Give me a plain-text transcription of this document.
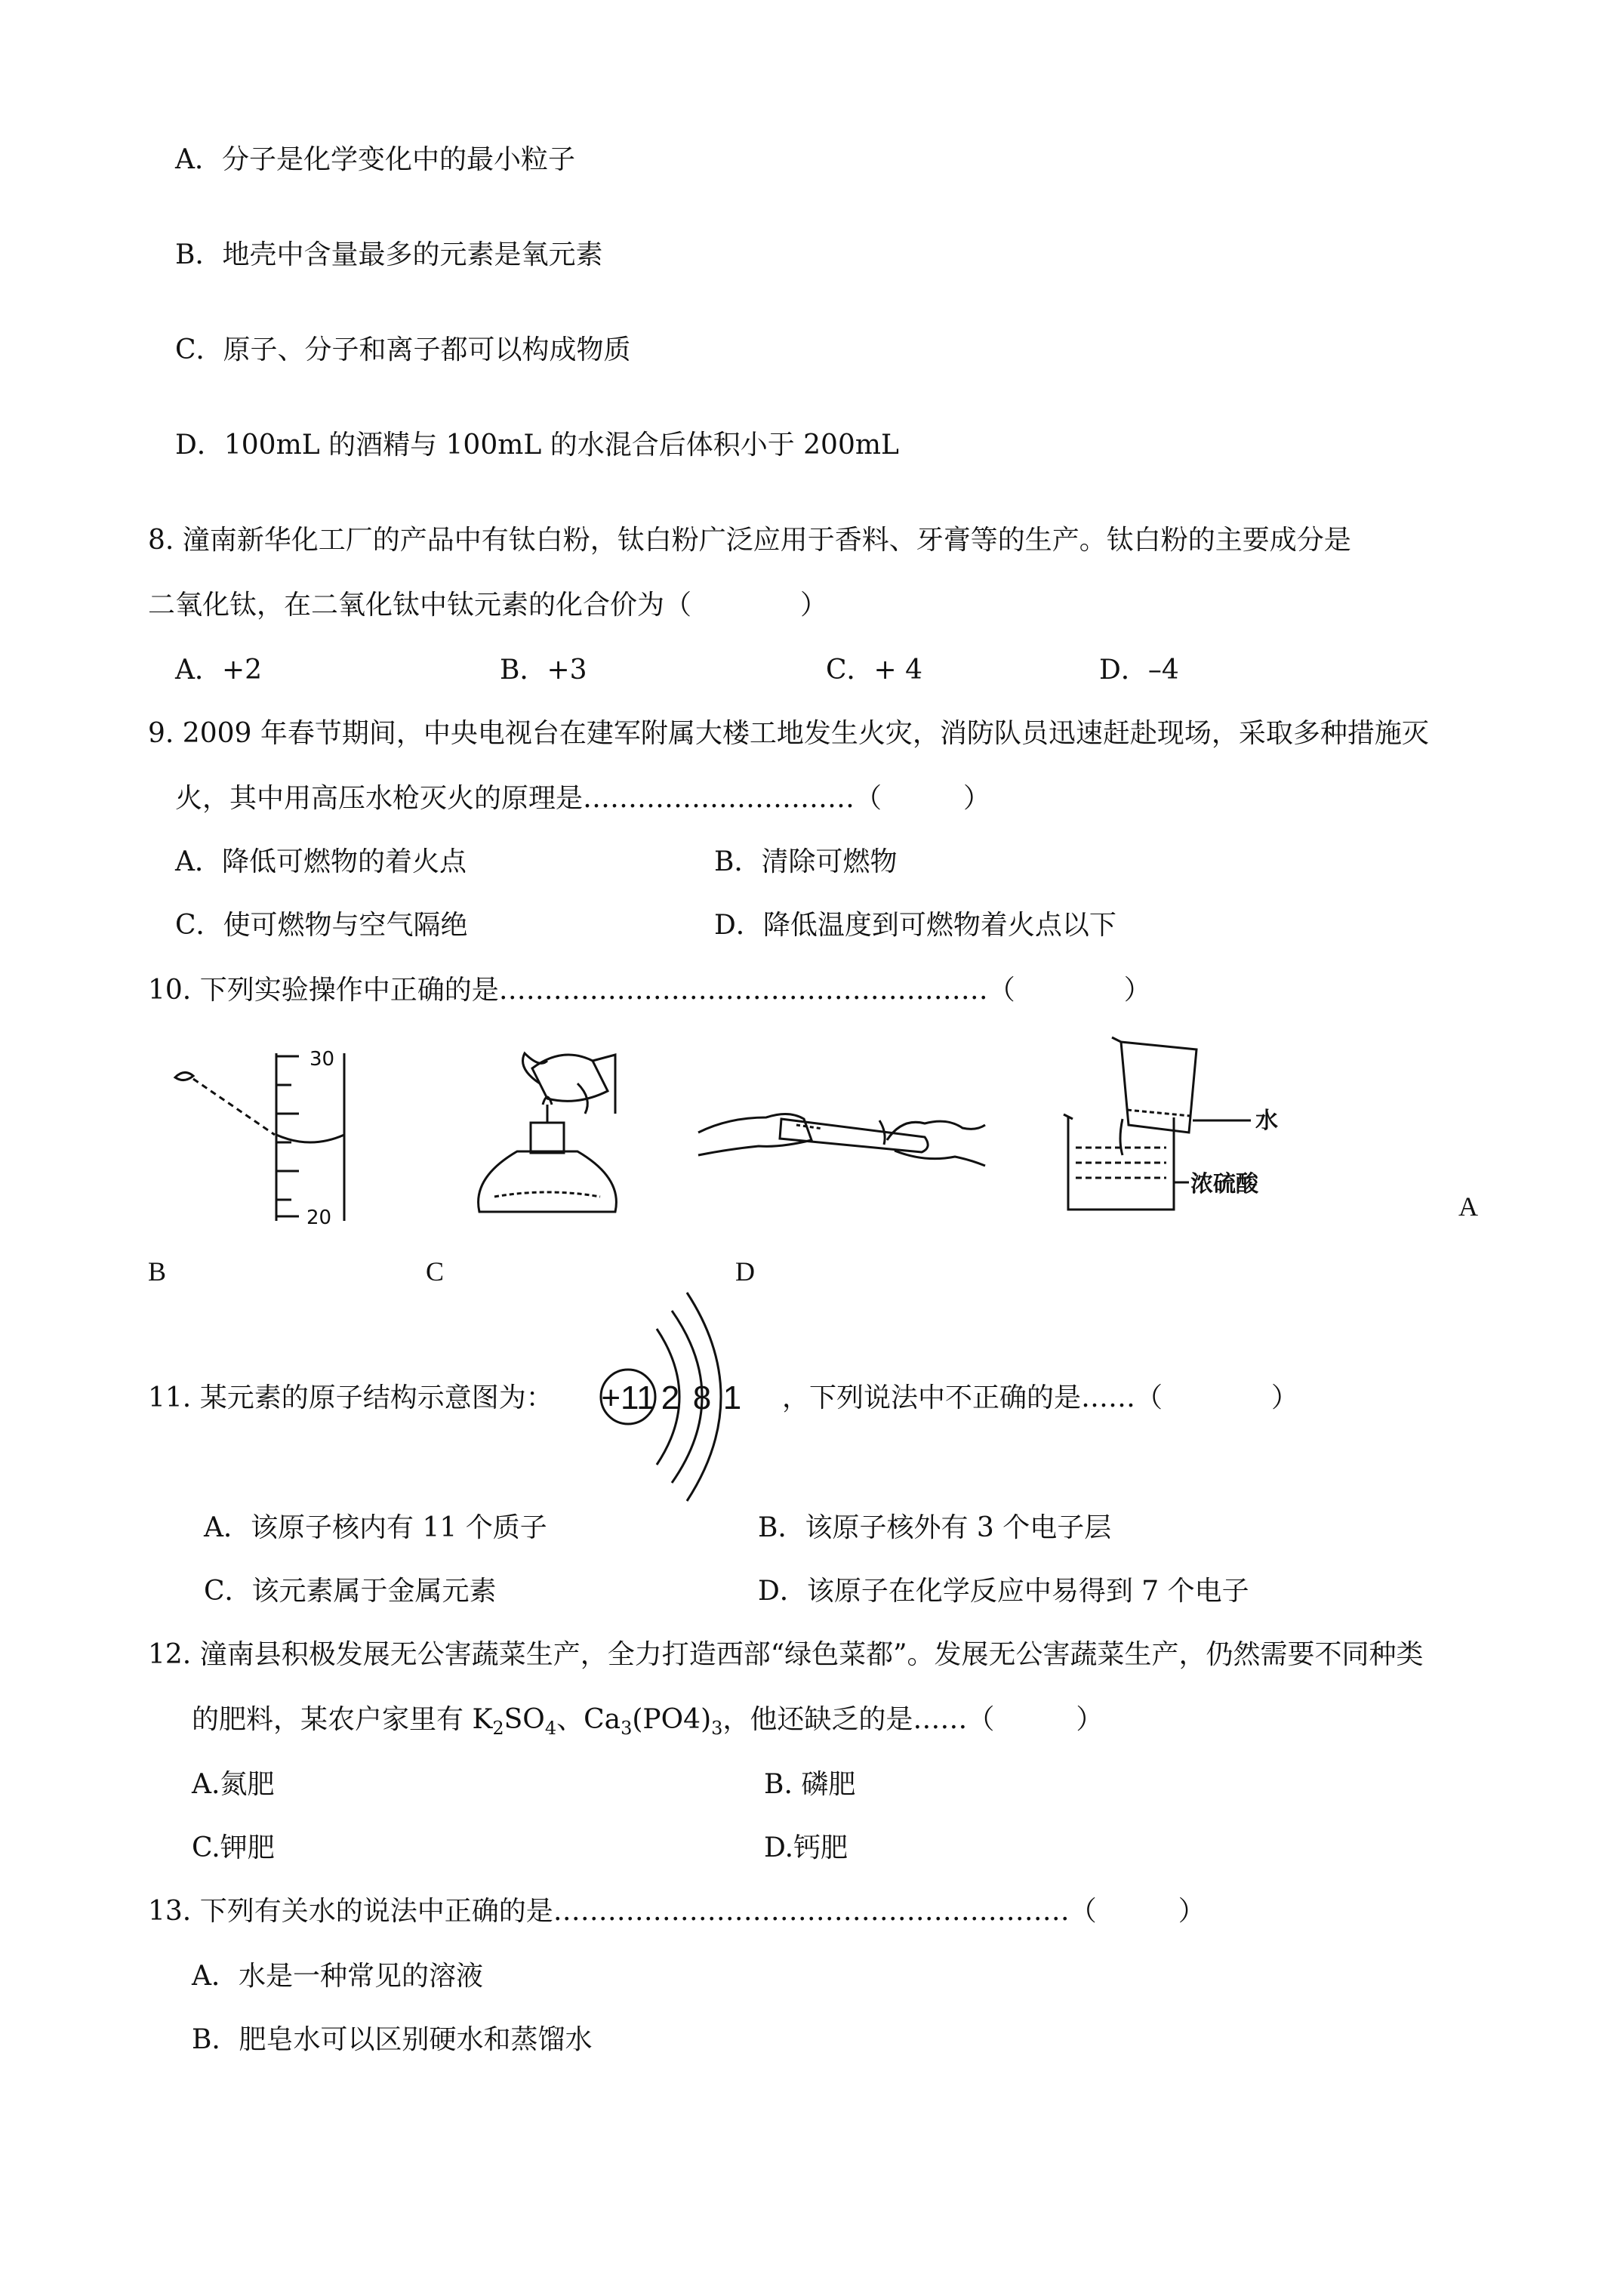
A．分子是化学变化中的最小粒子
B．地壳中含量最多的元素是氧元素
C．原子、分子和离子都可以构成物质
D．100mL 的酒精与 100mL 的水混合后体积小于 200mL
8. 潼南新华化工厂的产品中有钛白粉，钛白粉广泛应用于香料、牙膏等的生产。钛白粉的主要成分是
二氧化钛，在二氧化钛中钛元素的化合价为（　　　　）
A．+2	B．+3	C．+ 4	D．–4
9. 2009 年春节期间，中央电视台在建军附属大楼工地发生火灾，消防队员迅速赶赴现场，采取多种措施灭
火，其中用高压水枪灭火的原理是…………………………（　　　）
A．降低可燃物的着火点	B．清除可燃物
C．使可燃物与空气隔绝	D．降低温度到可燃物着火点以下
10. 下列实验操作中正确的是………………………………………………（　　　　）
30
20
水
浓硫酸
A
B	C	D
11. 某元素的原子结构示意图为： +11 2 8 1 ，下列说法中不正确的是……（　　　　）
A．该原子核内有 11 个质子	B．该原子核外有 3 个电子层
C．该元素属于金属元素	D．该原子在化学反应中易得到 7 个电子
12. 潼南县积极发展无公害蔬菜生产，全力打造西部“绿色菜都”。发展无公害蔬菜生产，仍然需要不同种类
的肥料，某农户家里有 $K_2SO_4$、$Ca_3(PO4)_3$，他还缺乏的是……（　　　）
A.氮肥	B. 磷肥
C.钾肥	D.钙肥
13. 下列有关水的说法中正确的是…………………………………………………（　　　）
A．水是一种常见的溶液
B．肥皂水可以区别硬水和蒸馏水
